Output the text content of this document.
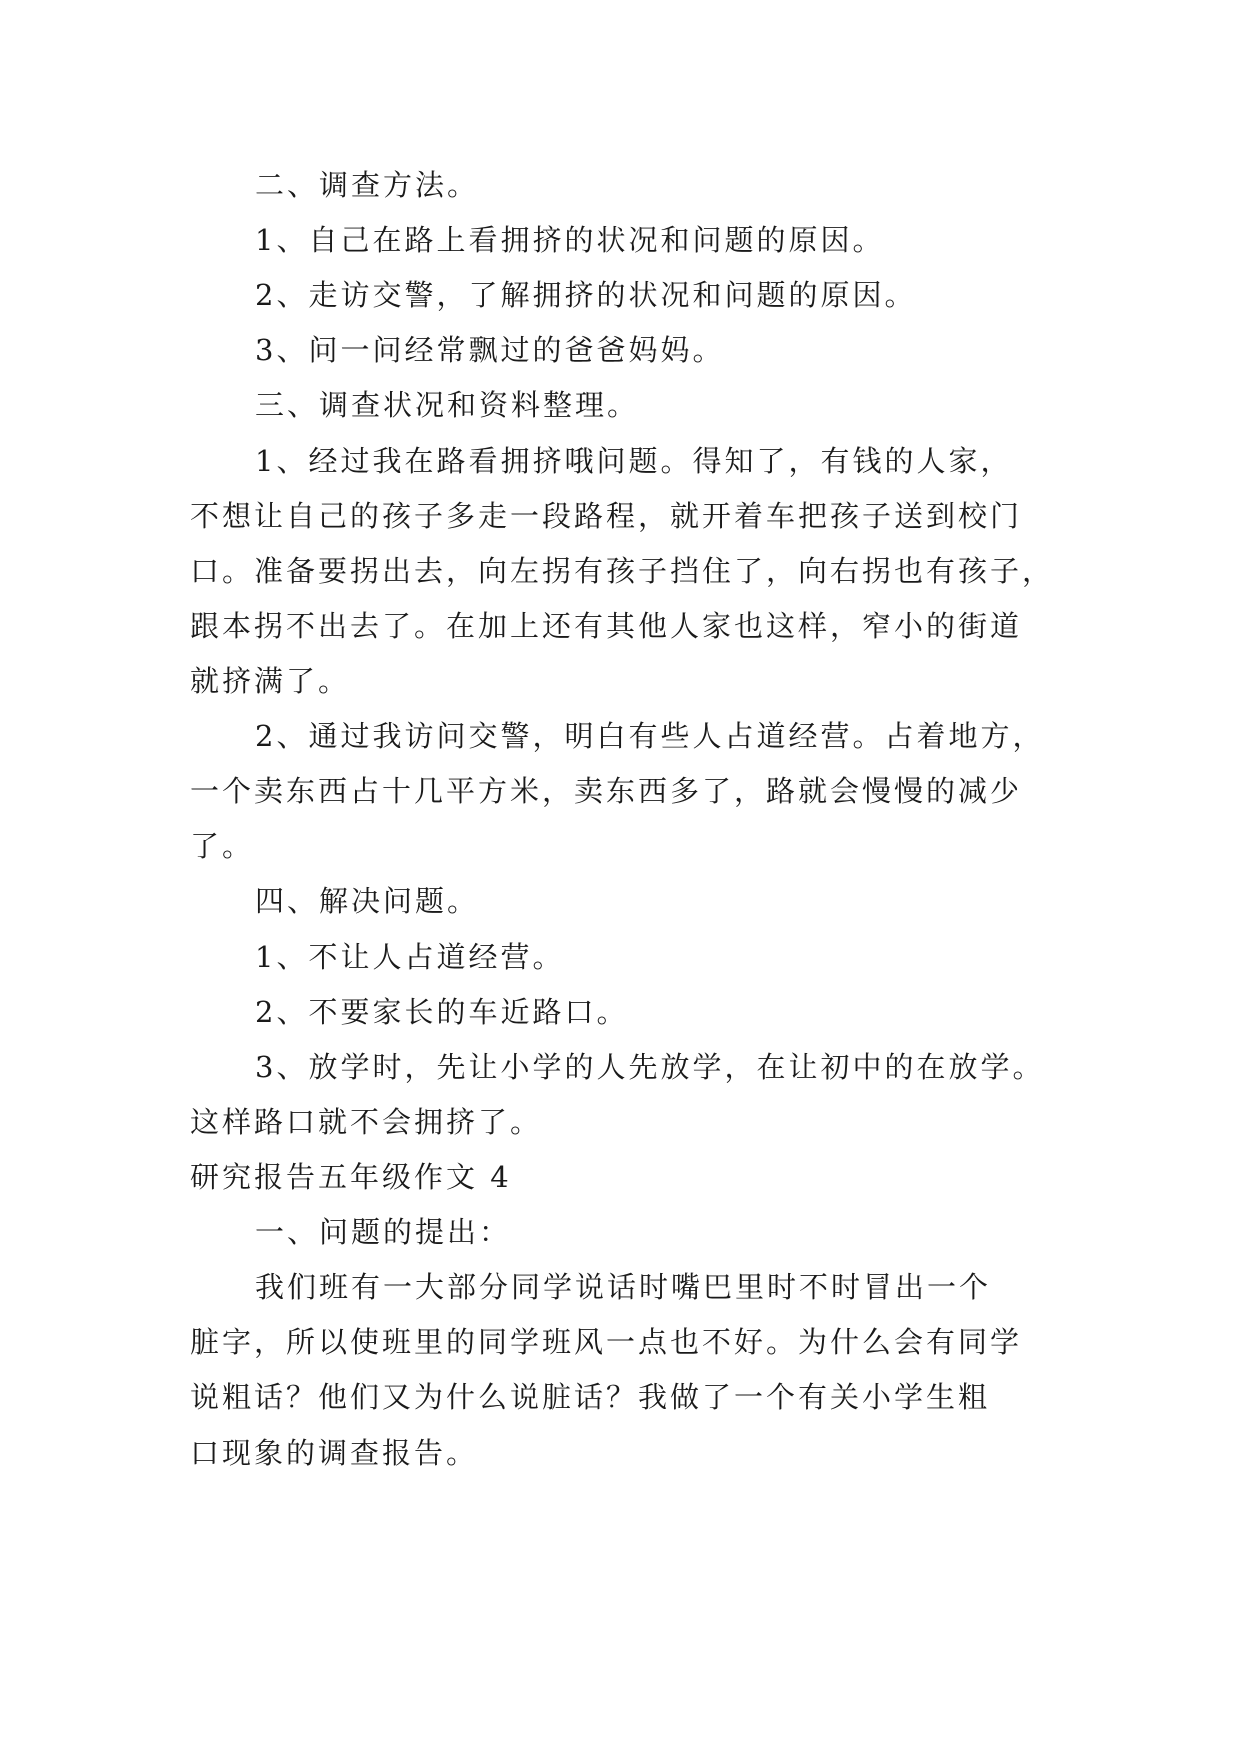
二、调查方法。
1、自己在路上看拥挤的状况和问题的原因。
2、走访交警，了解拥挤的状况和问题的原因。
3、问一问经常飘过的爸爸妈妈。
三、调查状况和资料整理。
1、经过我在路看拥挤哦问题。得知了，有钱的人家，
不想让自己的孩子多走一段路程，就开着车把孩子送到校门
口。准备要拐出去，向左拐有孩子挡住了，向右拐也有孩子，
跟本拐不出去了。在加上还有其他人家也这样，窄小的街道
就挤满了。
2、通过我访问交警，明白有些人占道经营。占着地方，
一个卖东西占十几平方米，卖东西多了，路就会慢慢的减少
了。
四、解决问题。
1、不让人占道经营。
2、不要家长的车近路口。
3、放学时，先让小学的人先放学，在让初中的在放学。
这样路口就不会拥挤了。
研究报告五年级作文 4
一、问题的提出：
我们班有一大部分同学说话时嘴巴里时不时冒出一个
脏字，所以使班里的同学班风一点也不好。为什么会有同学
说粗话？他们又为什么说脏话？我做了一个有关小学生粗
口现象的调查报告。
